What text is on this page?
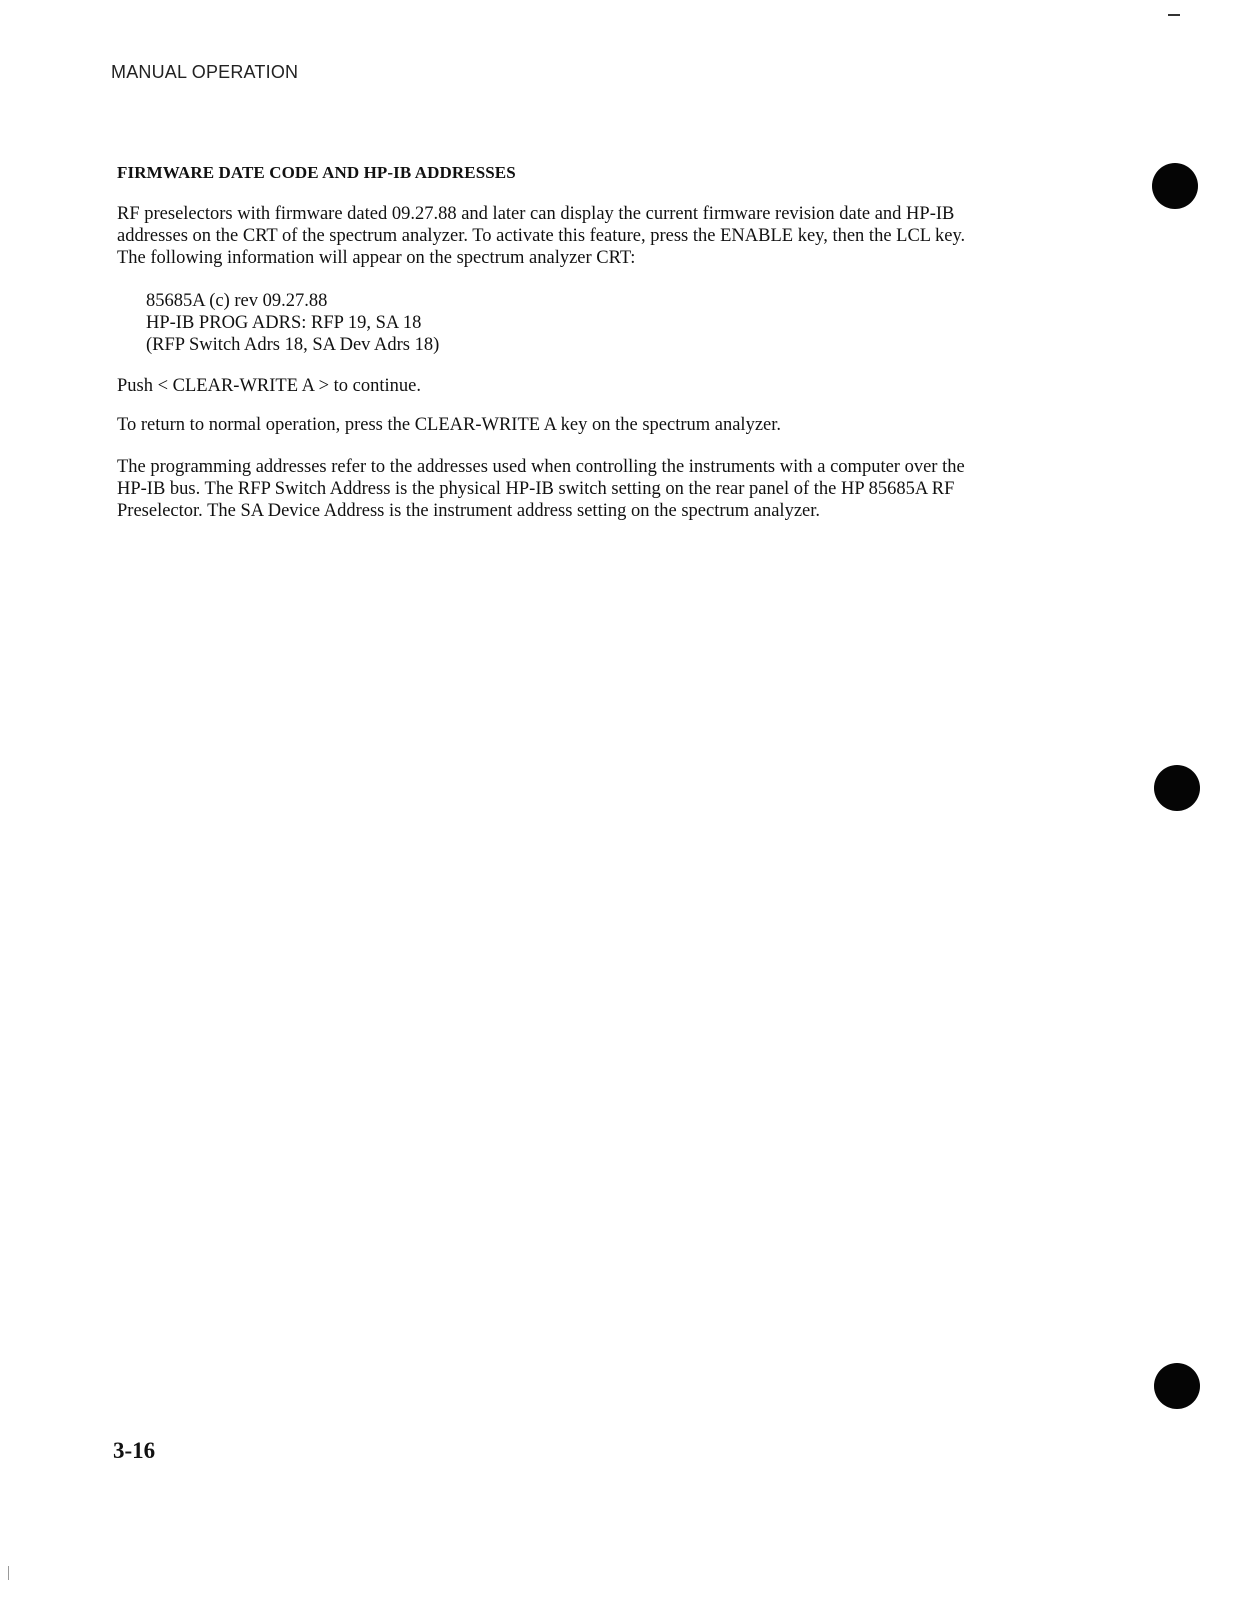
MANUAL OPERATION
FIRMWARE DATE CODE AND HP-IB ADDRESSES

RF preselectors with firmware dated 09.27.88 and later can display the current firmware revision date and HP-IB
addresses on the CRT of the spectrum analyzer. To activate this feature, press the ENABLE key, then the LCL key.
The following information will appear on the spectrum analyzer CRT:

85685A (c) rev 09.27.88
HP-IB PROG ADRS: RFP 19, SA 18
(RFP Switch Adrs 18, SA Dev Adrs 18)

Push < CLEAR-WRITE A > to continue.

To return to normal operation, press the CLEAR-WRITE A key on the spectrum analyzer.

The programming addresses refer to the addresses used when controlling the instruments with a computer over the
HP-IB bus. The RFP Switch Address is the physical HP-IB switch setting on the rear panel of the HP 85685A RF
Preselector. The SA Device Address is the instrument address setting on the spectrum analyzer.

3-16
